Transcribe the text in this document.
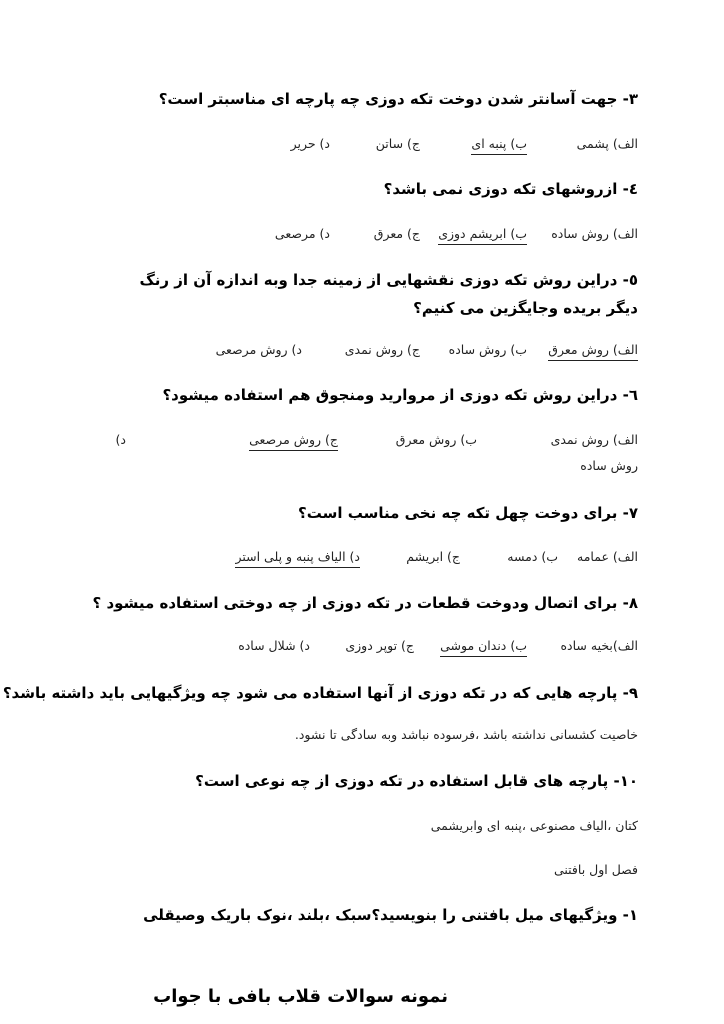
۳- جهت آسانتر شدن دوخت تکه دوزی چه پارچه ای مناسبتر است؟
الف) پشمی
ب) پنبه ای
ج) ساتن
د) حریر
٤- ازروشهای تکه دوزی نمی باشد؟
الف) روش ساده
ب) ابریشم دوزی
ج) معرق
د) مرصعی
٥- دراین روش تکه دوزی نقشهایی از زمینه جدا وبه اندازه آن از رنگ دیگر بریده وجایگزین می کنیم؟
الف) روش معرق
ب) روش ساده
ج) روش نمدی
د) روش مرصعی
٦- دراین روش تکه دوزی از مروارید ومنجوق هم استفاده میشود؟
الف) روش نمدی
ب) روش معرق
ج) روش مرصعی
د)
روش ساده
٧- برای دوخت چهل تکه چه نخی مناسب است؟
الف) عمامه
ب) دمسه
ج) ابریشم
د) الیاف پنبه و پلی استر
٨- برای اتصال ودوخت قطعات در تکه دوزی از چه دوختی استفاده میشود ؟
الف)بخیه ساده
ب) دندان موشی
ج) توپر دوزی
د) شلال ساده
٩- پارچه هایی که در تکه دوزی از آنها استفاده می شود چه ویژگیهایی باید داشته باشد؟
خاصیت کشسانی نداشته باشد ،فرسوده نباشد وبه سادگی تا نشود.
١٠- پارچه های قابل استفاده در تکه دوزی از چه نوعی است؟
کتان ،الیاف مصنوعی ،پنبه ای وابریشمی
فصل اول بافتنی
١- ویژگیهای میل بافتنی را بنویسید؟سبک ،بلند ،نوک باریک وصیقلی
نمونه سوالات قلاب بافی با جواب
